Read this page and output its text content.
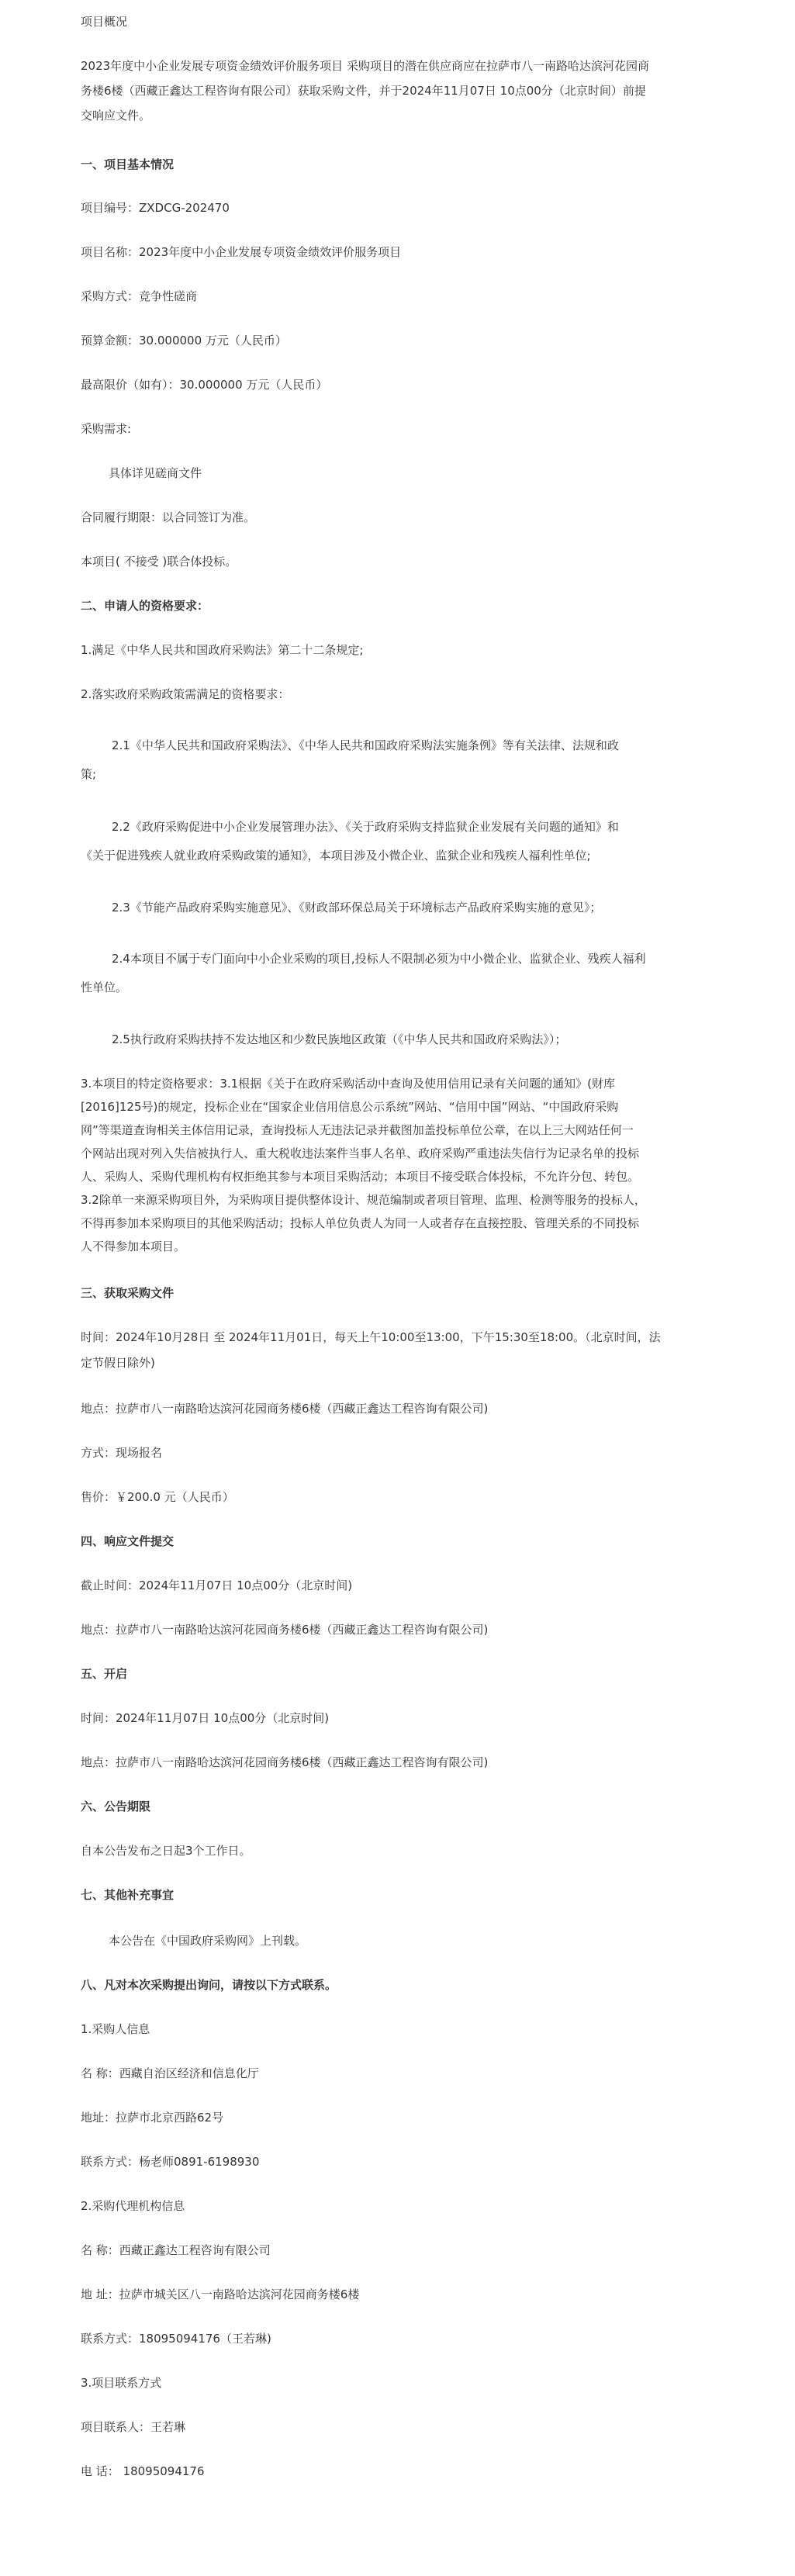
项目概况

2023年度中小企业发展专项资金绩效评价服务项目 采购项目的潜在供应商应在拉萨市八一南路哈达滨河花园商

务楼6楼（西藏正鑫达工程咨询有限公司）获取采购文件，并于2024年11月07日 10点00分（北京时间）前提

交响应文件。

一、项目基本情况

项目编号：ZXDCG-202470

项目名称：2023年度中小企业发展专项资金绩效评价服务项目

采购方式：竞争性磋商

预算金额：30.000000 万元（人民币）

最高限价（如有）：30.000000 万元（人民币）

采购需求:

具体详见磋商文件

合同履行期限：以合同签订为准。

本项目( 不接受 )联合体投标。

二、申请人的资格要求：

1.满足《中华人民共和国政府采购法》第二十二条规定;

2.落实政府采购政策需满足的资格要求：

2.1《中华人民共和国政府采购法》、《中华人民共和国政府采购法实施条例》等有关法律、法规和政

策;

2.2《政府采购促进中小企业发展管理办法》、《关于政府采购支持监狱企业发展有关问题的通知》和

《关于促进残疾人就业政府采购政策的通知》，本项目涉及小微企业、监狱企业和残疾人福利性单位;

2.3《节能产品政府采购实施意见》、《财政部环保总局关于环境标志产品政府采购实施的意见》；

2.4本项目不属于专门面向中小企业采购的项目,投标人不限制必须为中小微企业、监狱企业、残疾人福利

性单位。

2.5执行政府采购扶持不发达地区和少数民族地区政策（《中华人民共和国政府采购法》）；

3.本项目的特定资格要求：3.1根据《关于在政府采购活动中查询及使用信用记录有关问题的通知》(财库

[2016]125号)的规定，投标企业在“国家企业信用信息公示系统”网站、“信用中国”网站、“中国政府采购

网”等渠道查询相关主体信用记录，查询投标人无违法记录并截图加盖投标单位公章，在以上三大网站任何一

个网站出现对列入失信被执行人、重大税收违法案件当事人名单、政府采购严重违法失信行为记录名单的投标

人、采购人、采购代理机构有权拒绝其参与本项目采购活动；本项目不接受联合体投标，不允许分包、转包。

3.2除单一来源采购项目外，为采购项目提供整体设计、规范编制或者项目管理、监理、检测等服务的投标人，

不得再参加本采购项目的其他采购活动；投标人单位负责人为同一人或者存在直接控股、管理关系的不同投标

人不得参加本项目。

三、获取采购文件

时间：2024年10月28日 至 2024年11月01日，每天上午10:00至13:00，下午15:30至18:00。（北京时间，法

定节假日除外)

地点：拉萨市八一南路哈达滨河花园商务楼6楼（西藏正鑫达工程咨询有限公司)

方式：现场报名

售价：￥200.0 元（人民币）

四、响应文件提交

截止时间：2024年11月07日 10点00分（北京时间)

地点：拉萨市八一南路哈达滨河花园商务楼6楼（西藏正鑫达工程咨询有限公司)

五、开启

时间：2024年11月07日 10点00分（北京时间)

地点：拉萨市八一南路哈达滨河花园商务楼6楼（西藏正鑫达工程咨询有限公司)

六、公告期限

自本公告发布之日起3个工作日。

七、其他补充事宜

本公告在《中国政府采购网》上刊载。

八、凡对本次采购提出询问，请按以下方式联系。

1.采购人信息

名 称：西藏自治区经济和信息化厅

地址：拉萨市北京西路62号

联系方式：杨老师0891-6198930

2.采购代理机构信息

名 称：西藏正鑫达工程咨询有限公司

地 址：拉萨市城关区八一南路哈达滨河花园商务楼6楼

联系方式：18095094176（王若琳)

3.项目联系方式

项目联系人：王若琳

电 话： 18095094176
